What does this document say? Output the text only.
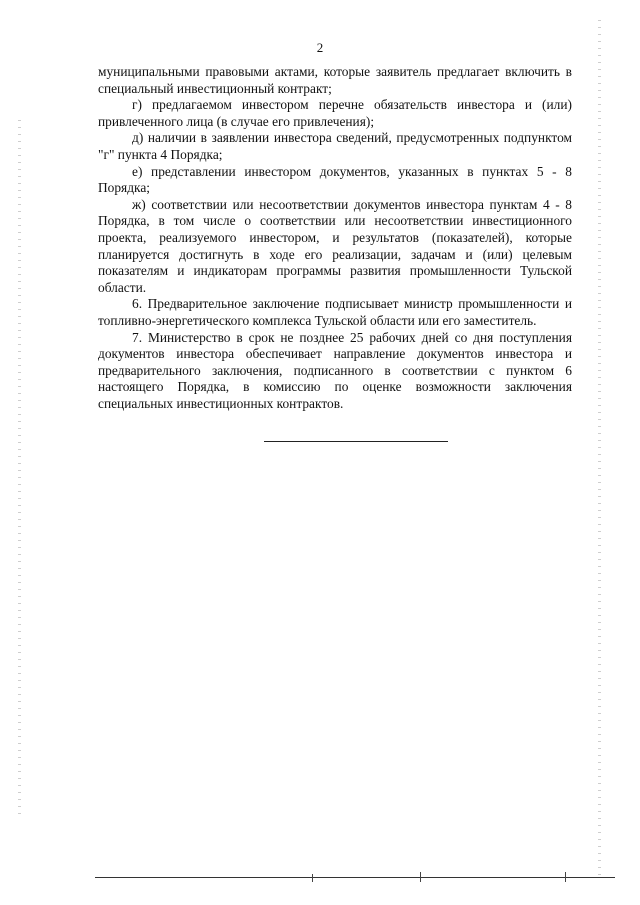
2

муниципальными правовыми актами, которые заявитель предлагает включить в специальный инвестиционный контракт;

г) предлагаемом инвестором перечне обязательств инвестора и (или) привлеченного лица (в случае его привлечения);

д) наличии в заявлении инвестора сведений, предусмотренных подпунктом "г" пункта 4 Порядка;

е) представлении инвестором документов, указанных в пунктах 5 - 8 Порядка;

ж) соответствии или несоответствии документов инвестора пунктам 4 - 8 Порядка, в том числе о соответствии или несоответствии инвестиционного проекта, реализуемого инвестором, и результатов (показателей), которые планируется достигнуть в ходе его реализации, задачам и (или) целевым показателям и индикаторам программы развития промышленности Тульской области.

6. Предварительное заключение подписывает министр промышленности и топливно-энергетического комплекса Тульской области или его заместитель.

7. Министерство в срок не позднее 25 рабочих дней со дня поступления документов инвестора обеспечивает направление документов инвестора и предварительного заключения, подписанного в соответствии с пунктом 6 настоящего Порядка, в комиссию по оценке возможности заключения специальных инвестиционных контрактов.
